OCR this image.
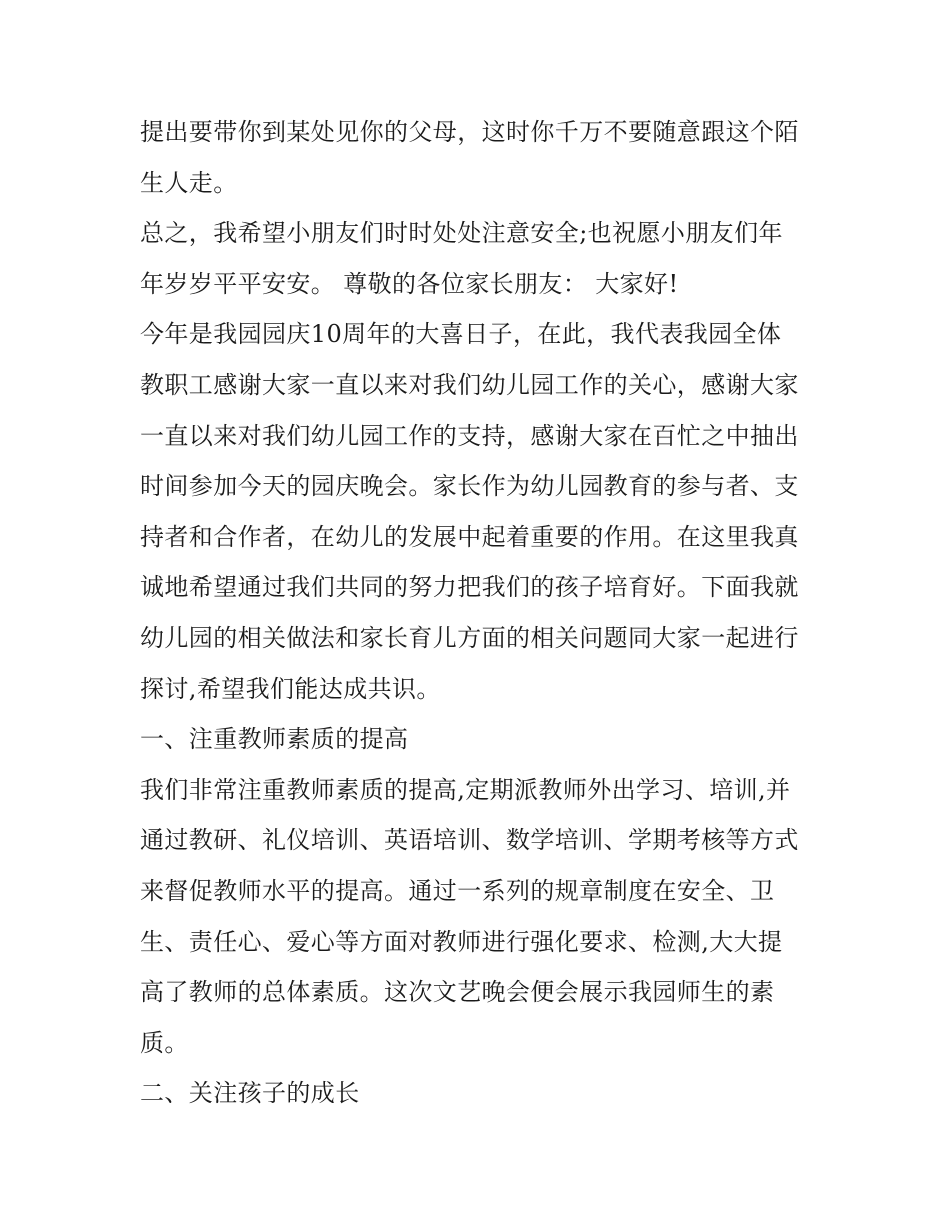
提出要带你到某处见你的父母，这时你千万不要随意跟这个陌
生人走。
总之，我希望小朋友们时时处处注意安全;也祝愿小朋友们年
年岁岁平平安安。 尊敬的各位家长朋友： 大家好!
今年是我园园庆10周年的大喜日子，在此，我代表我园全体
教职工感谢大家一直以来对我们幼儿园工作的关心，感谢大家
一直以来对我们幼儿园工作的支持，感谢大家在百忙之中抽出
时间参加今天的园庆晚会。家长作为幼儿园教育的参与者、支
持者和合作者，在幼儿的发展中起着重要的作用。在这里我真
诚地希望通过我们共同的努力把我们的孩子培育好。下面我就
幼儿园的相关做法和家长育儿方面的相关问题同大家一起进行
探讨,希望我们能达成共识。
一、注重教师素质的提高
我们非常注重教师素质的提高,定期派教师外出学习、培训,并
通过教研、礼仪培训、英语培训、数学培训、学期考核等方式
来督促教师水平的提高。通过一系列的规章制度在安全、卫
生、责任心、爱心等方面对教师进行强化要求、检测,大大提
高了教师的总体素质。这次文艺晚会便会展示我园师生的素
质。
二、关注孩子的成长
